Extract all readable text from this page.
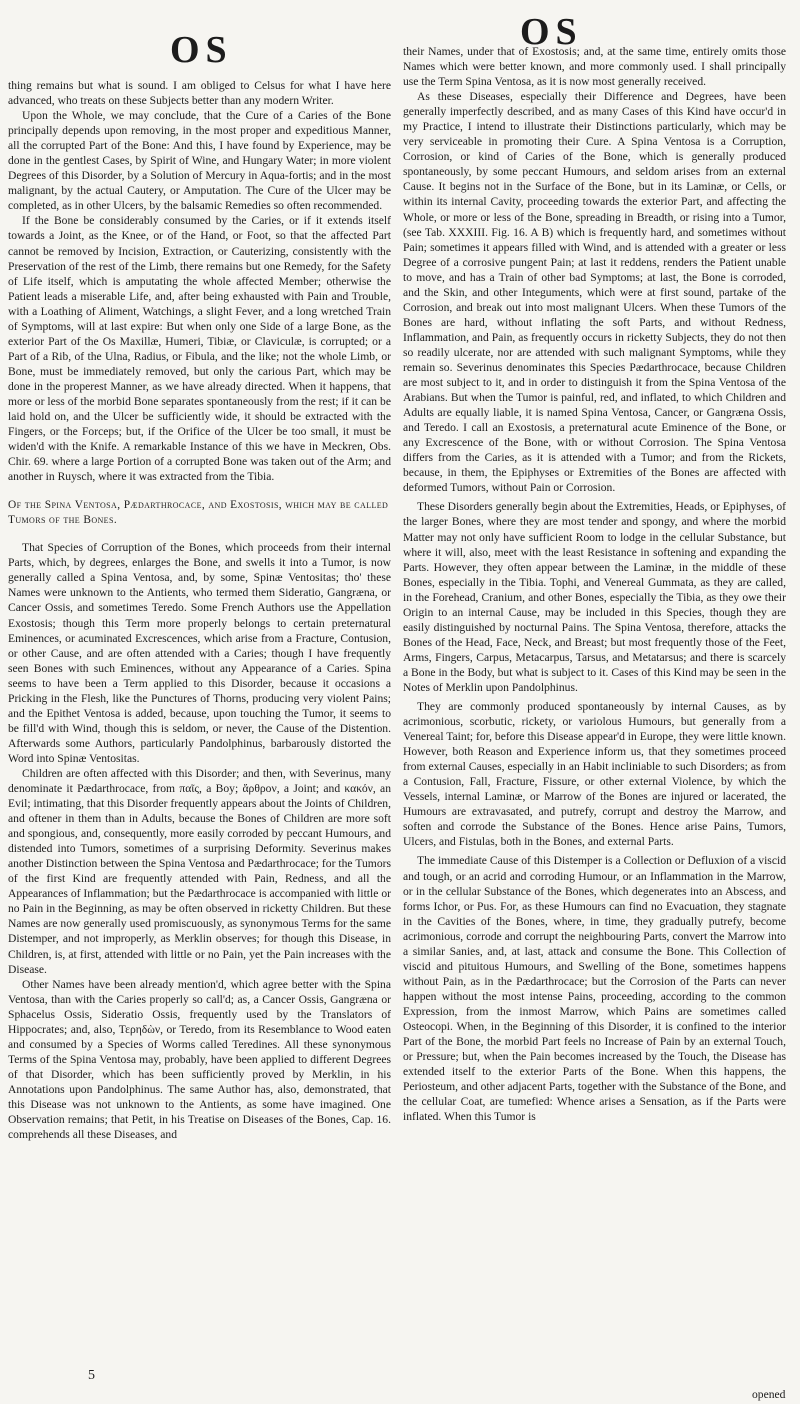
OS	OS

thing remains but what is sound. I am obliged to Celsus for what I have here advanced, who treats on these Subjects better than any modern Writer.

Upon the Whole, we may conclude, that the Cure of a Caries of the Bone principally depends upon removing, in the most proper and expeditious Manner, all the corrupted Part of the Bone: And this, I have found by Experience, may be done in the gentlest Cases, by Spirit of Wine, and Hungary Water; in more violent Degrees of this Disorder, by a Solution of Mercury in Aqua-fortis; and in the most malignant, by the actual Cautery, or Amputation. The Cure of the Ulcer may be completed, as in other Ulcers, by the balsamic Remedies so often recommended.

If the Bone be considerably consumed by the Caries, or if it extends itself towards a Joint, as the Knee, or of the Hand, or Foot, so that the affected Part cannot be removed by Incision, Extraction, or Cauterizing, consistently with the Preservation of the rest of the Limb, there remains but one Remedy, for the Safety of Life itself, which is amputating the whole affected Member; otherwise the Patient leads a miserable Life, and, after being exhausted with Pain and Trouble, with a Loathing of Aliment, Watchings, a slight Fever, and a long wretched Train of Symptoms, will at last expire: But when only one Side of a large Bone, as the exterior Part of the Os Maxillæ, Humeri, Tibiæ, or Claviculæ, is corrupted; or a Part of a Rib, of the Ulna, Radius, or Fibula, and the like; not the whole Limb, or Bone, must be immediately removed, but only the carious Part, which may be done in the properest Manner, as we have already directed. When it happens, that more or less of the morbid Bone separates spontaneously from the rest; if it can be laid hold on, and the Ulcer be sufficiently wide, it should be extracted with the Fingers, or the Forceps; but, if the Orifice of the Ulcer be too small, it must be widen'd with the Knife. A remarkable Instance of this we have in Meckren, Obs. Chir. 69. where a large Portion of a corrupted Bone was taken out of the Arm; and another in Ruysch, where it was extracted from the Tibia.

Of the Spina Ventosa, Pædarthrocace, and Exostosis, which may be called Tumors of the Bones.

That Species of Corruption of the Bones, which proceeds from their internal Parts, which, by degrees, enlarges the Bone, and swells it into a Tumor, is now generally called a Spina Ventosa, and, by some, Spinæ Ventositas; tho' these Names were unknown to the Antients, who termed them Sideratio, Gangræna, or Cancer Ossis, and sometimes Teredo. Some French Authors use the Appellation Exostosis; though this Term more properly belongs to certain preternatural Eminences, or acuminated Excrescences, which arise from a Fracture, Contusion, or other Cause, and are often attended with a Caries; though I have frequently seen Bones with such Eminences, without any Appearance of a Caries. Spina seems to have been a Term applied to this Disorder, because it occasions a Pricking in the Flesh, like the Punctures of Thorns, producing very violent Pains; and the Epithet Ventosa is added, because, upon touching the Tumor, it seems to be fill'd with Wind, though this is seldom, or never, the Cause of the Distention. Afterwards some Authors, particularly Pandolphinus, barbarously distorted the Word into Spinæ Ventositas.

Children are often affected with this Disorder; and then, with Severinus, many denominate it Pædarthrocace, from παῖς, a Boy; ἄρθρον, a Joint; and κακόν, an Evil; intimating, that this Disorder frequently appears about the Joints of Children, and oftener in them than in Adults, because the Bones of Children are more soft and spongious, and, consequently, more easily corroded by peccant Humours, and distended into Tumors, sometimes of a surprising Deformity. Severinus makes another Distinction between the Spina Ventosa and Pædarthrocace; for the Tumors of the first Kind are frequently attended with Pain, Redness, and all the Appearances of Inflammation; but the Pædarthrocace is accompanied with little or no Pain in the Beginning, as may be often observed in ricketty Children. But these Names are now generally used promiscuously, as synonymous Terms for the same Distemper, and not improperly, as Merklin observes; for though this Disease, in Children, is, at first, attended with little or no Pain, yet the Pain increases with the Disease.

Other Names have been already mention'd, which agree better with the Spina Ventosa, than with the Caries properly so call'd; as, a Cancer Ossis, Gangræna or Sphacelus Ossis, Sideratio Ossis, frequently used by the Translators of Hippocrates; and, also, Τερηδὼν, or Teredo, from its Resemblance to Wood eaten and consumed by a Species of Worms called Teredines. All these synonymous Terms of the Spina Ventosa may, probably, have been applied to different Degrees of that Disorder, which has been sufficiently proved by Merklin, in his Annotations upon Pandolphinus. The same Author has, also, demonstrated, that this Disease was not unknown to the Antients, as some have imagined. One Observation remains; that Petit, in his Treatise on Diseases of the Bones, Cap. 16. comprehends all these Diseases, and

their Names, under that of Exostosis; and, at the same time, entirely omits those Names which were better known, and more commonly used. I shall principally use the Term Spina Ventosa, as it is now most generally received.

As these Diseases, especially their Difference and Degrees, have been generally imperfectly described, and as many Cases of this Kind have occur'd in my Practice, I intend to illustrate their Distinctions particularly, which may be very serviceable in promoting their Cure. A Spina Ventosa is a Corruption, Corrosion, or kind of Caries of the Bone, which is generally produced spontaneously, by some peccant Humours, and seldom arises from an external Cause. It begins not in the Surface of the Bone, but in its Laminæ, or Cells, or within its internal Cavity, proceeding towards the exterior Part, and affecting the Whole, or more or less of the Bone, spreading in Breadth, or rising into a Tumor, (see Tab. XXXIII. Fig. 16. A B) which is frequently hard, and sometimes without Pain; sometimes it appears filled with Wind, and is attended with a greater or less Degree of a corrosive pungent Pain; at last it reddens, renders the Patient unable to move, and has a Train of other bad Symptoms; at last, the Bone is corroded, and the Skin, and other Integuments, which were at first sound, partake of the Corrosion, and break out into most malignant Ulcers. When these Tumors of the Bones are hard, without inflating the soft Parts, and without Redness, Inflammation, and Pain, as frequently occurs in ricketty Subjects, they do not then so readily ulcerate, nor are attended with such malignant Symptoms, while they remain so. Severinus denominates this Species Pædarthrocace, because Children are most subject to it, and in order to distinguish it from the Spina Ventosa of the Arabians. But when the Tumor is painful, red, and inflated, to which Children and Adults are equally liable, it is named Spina Ventosa, Cancer, or Gangræna Ossis, and Teredo. I call an Exostosis, a preternatural acute Eminence of the Bone, or any Excrescence of the Bone, with or without Corrosion. The Spina Ventosa differs from the Caries, as it is attended with a Tumor; and from the Rickets, because, in them, the Epiphyses or Extremities of the Bones are affected with deformed Tumors, without Pain or Corrosion.

These Disorders generally begin about the Extremities, Heads, or Epiphyses, of the larger Bones, where they are most tender and spongy, and where the morbid Matter may not only have sufficient Room to lodge in the cellular Substance, but where it will, also, meet with the least Resistance in softening and expanding the Parts. However, they often appear between the Laminæ, in the middle of these Bones, especially in the Tibia. Tophi, and Venereal Gummata, as they are called, in the Forehead, Cranium, and other Bones, especially the Tibia, as they owe their Origin to an internal Cause, may be included in this Species, though they are easily distinguished by nocturnal Pains. The Spina Ventosa, therefore, attacks the Bones of the Head, Face, Neck, and Breast; but most frequently those of the Feet, Arms, Fingers, Carpus, Metacarpus, Tarsus, and Metatarsus; and there is scarcely a Bone in the Body, but what is subject to it. Cases of this Kind may be seen in the Notes of Merklin upon Pandolphinus.

They are commonly produced spontaneously by internal Causes, as by acrimonious, scorbutic, rickety, or variolous Humours, but generally from a Venereal Taint; for, before this Disease appear'd in Europe, they were little known. However, both Reason and Experience inform us, that they sometimes proceed from external Causes, especially in an Habit incliniable to such Disorders; as from a Contusion, Fall, Fracture, Fissure, or other external Violence, by which the Vessels, internal Laminæ, or Marrow of the Bones are injured or lacerated, the Humours are extravasated, and putrefy, corrupt and destroy the Marrow, and soften and corrode the Substance of the Bones. Hence arise Pains, Tumors, Ulcers, and Fistulas, both in the Bones, and external Parts.

The immediate Cause of this Distemper is a Collection or Defluxion of a viscid and tough, or an acrid and corroding Humour, or an Inflammation in the Marrow, or in the cellular Substance of the Bones, which degenerates into an Abscess, and forms Ichor, or Pus. For, as these Humours can find no Evacuation, they stagnate in the Cavities of the Bones, where, in time, they gradually putrefy, become acrimonious, corrode and corrupt the neighbouring Parts, convert the Marrow into a similar Sanies, and, at last, attack and consume the Bone. This Collection of viscid and pituitous Humours, and Swelling of the Bone, sometimes happens without Pain, as in the Pædarthrocace; but the Corrosion of the Parts can never happen without the most intense Pains, proceeding, according to the common Expression, from the inmost Marrow, which Pains are sometimes called Osteocopi. When, in the Beginning of this Disorder, it is confined to the interior Part of the Bone, the morbid Part feels no Increase of Pain by an external Touch, or Pressure; but, when the Pain becomes increased by the Touch, the Disease has extended itself to the exterior Parts of the Bone. When this happens, the Periosteum, and other adjacent Parts, together with the Substance of the Bone, and the cellular Coat, are tumefied: Whence arises a Sensation, as if the Parts were inflated. When this Tumor is

5
opened
